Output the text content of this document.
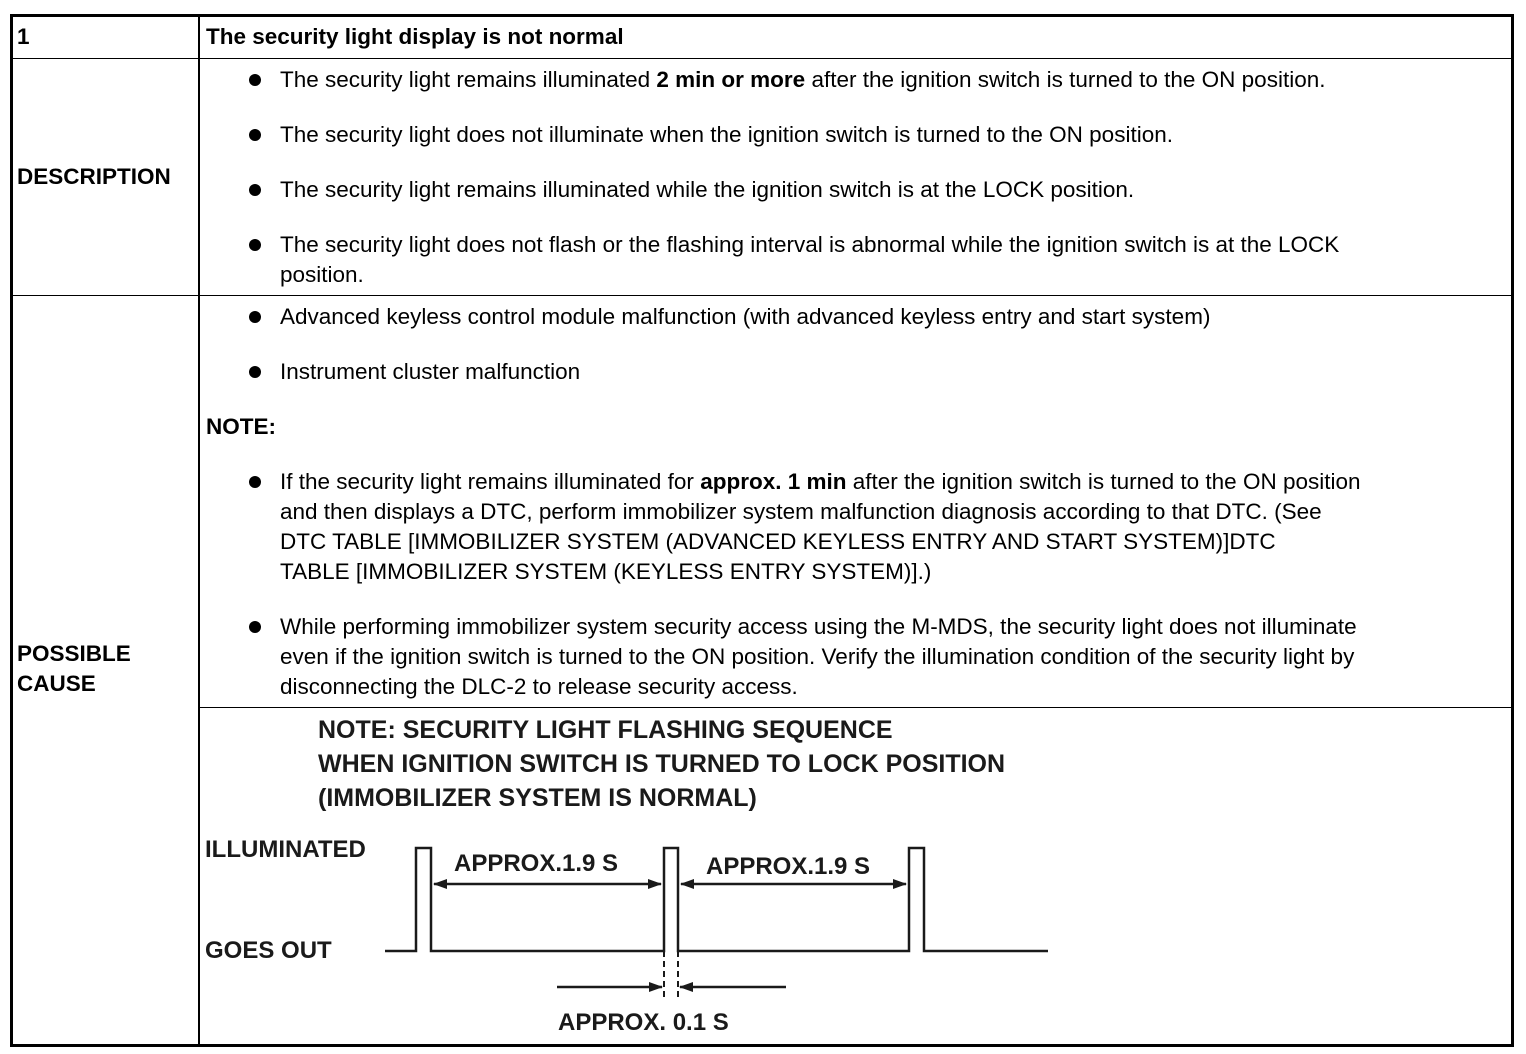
1	The security light display is not normal
DESCRIPTION
The security light remains illuminated 2 min or more after the ignition switch is turned to the ON position.
The security light does not illuminate when the ignition switch is turned to the ON position.
The security light remains illuminated while the ignition switch is at the LOCK position.
The security light does not flash or the flashing interval is abnormal while the ignition switch is at the LOCK
position.
POSSIBLE
CAUSE
Advanced keyless control module malfunction (with advanced keyless entry and start system)
Instrument cluster malfunction
NOTE:
If the security light remains illuminated for approx. 1 min after the ignition switch is turned to the ON position
and then displays a DTC, perform immobilizer system malfunction diagnosis according to that DTC. (See
DTC TABLE [IMMOBILIZER SYSTEM (ADVANCED KEYLESS ENTRY AND START SYSTEM)]DTC
TABLE [IMMOBILIZER SYSTEM (KEYLESS ENTRY SYSTEM)].)
While performing immobilizer system security access using the M-MDS, the security light does not illuminate
even if the ignition switch is turned to the ON position. Verify the illumination condition of the security light by
disconnecting the DLC-2 to release security access.
NOTE: SECURITY LIGHT FLASHING SEQUENCE
WHEN IGNITION SWITCH IS TURNED TO LOCK POSITION
(IMMOBILIZER SYSTEM IS NORMAL)
ILLUMINATED
GOES OUT
APPROX.1.9 S	APPROX.1.9 S
APPROX. 0.1 S
